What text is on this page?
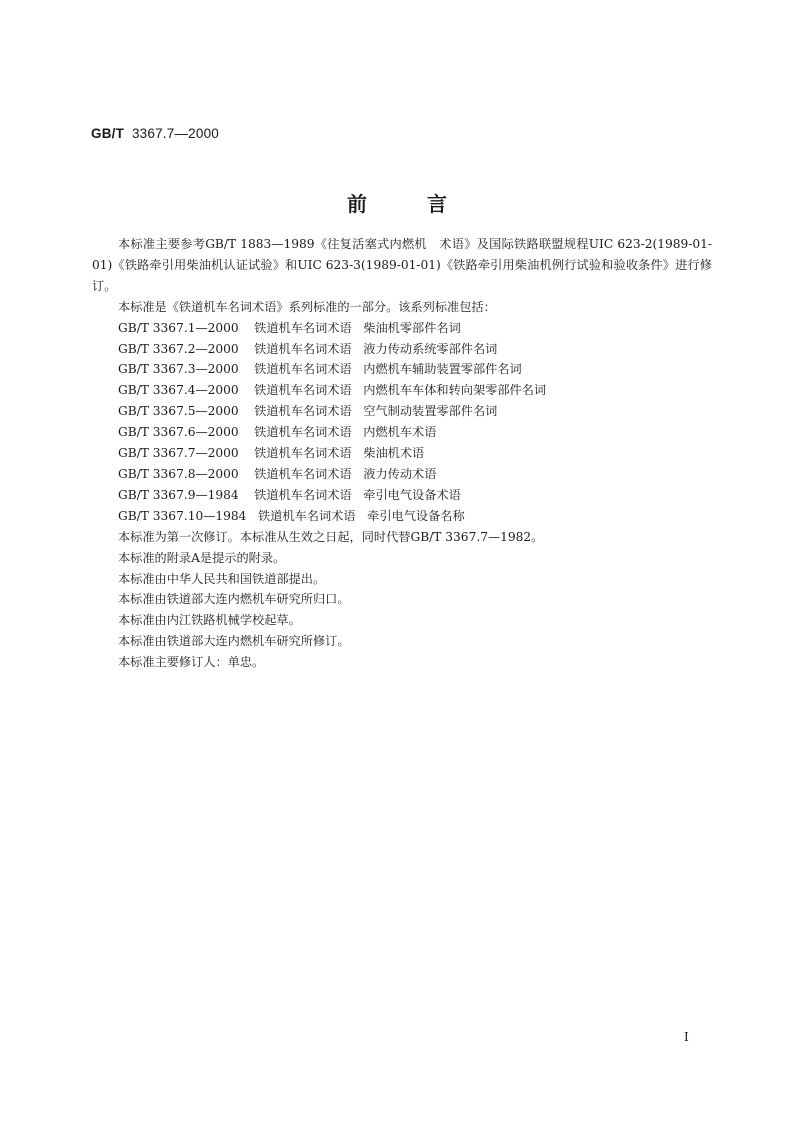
GB/T 3367.7—2000
前言

本标准主要参考GB/T 1883—1989《往复活塞式内燃机　术语》及国际铁路联盟规程UIC 623-2(1989-01-01)《铁路牵引用柴油机认证试验》和UIC 623-3(1989-01-01)《铁路牵引用柴油机例行试验和验收条件》进行修订。

本标准是《铁道机车名词术语》系列标准的一部分。该系列标准包括：

GB/T 3367.1—2000 铁道机车名词术语 柴油机零部件名词

GB/T 3367.2—2000 铁道机车名词术语 液力传动系统零部件名词

GB/T 3367.3—2000 铁道机车名词术语 内燃机车辅助装置零部件名词

GB/T 3367.4—2000 铁道机车名词术语 内燃机车车体和转向架零部件名词

GB/T 3367.5—2000 铁道机车名词术语 空气制动装置零部件名词

GB/T 3367.6—2000 铁道机车名词术语 内燃机车术语

GB/T 3367.7—2000 铁道机车名词术语 柴油机术语

GB/T 3367.8—2000 铁道机车名词术语 液力传动术语

GB/T 3367.9—1984 铁道机车名词术语 牵引电气设备术语

GB/T 3367.10—1984 铁道机车名词术语 牵引电气设备名称

本标准为第一次修订。本标准从生效之日起，同时代替GB/T 3367.7—1982。

本标准的附录A是提示的附录。

本标准由中华人民共和国铁道部提出。

本标准由铁道部大连内燃机车研究所归口。

本标准由内江铁路机械学校起草。

本标准由铁道部大连内燃机车研究所修订。

本标准主要修订人：单忠。

I
